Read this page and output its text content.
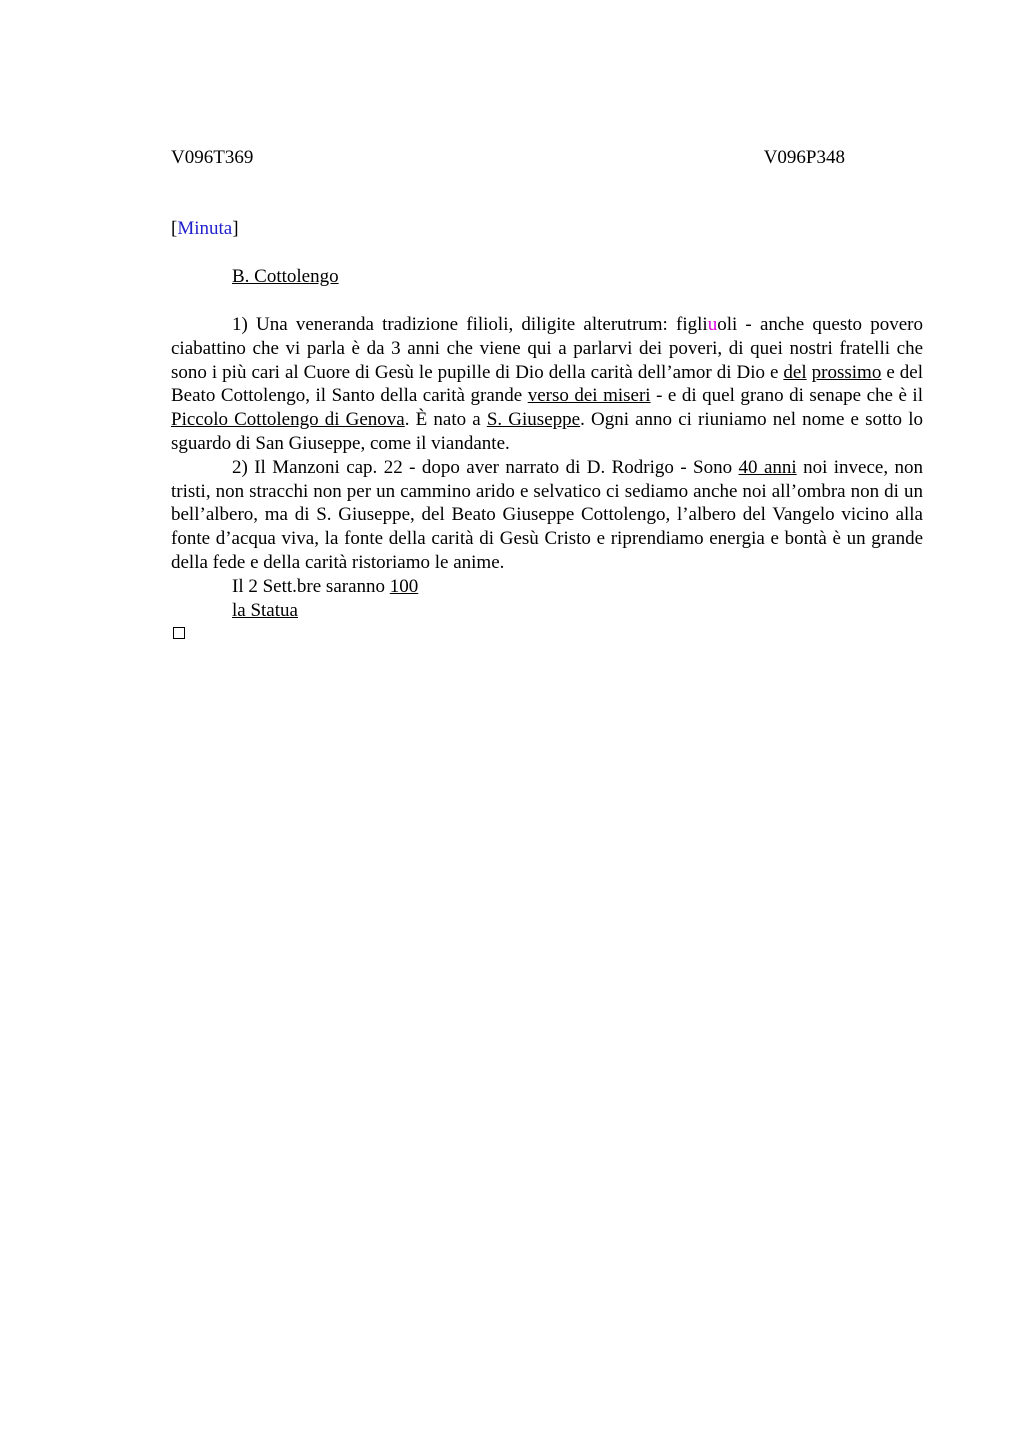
V096T369	V096P348
[Minuta]
B. Cottolengo

1) Una veneranda tradizione filioli, diligite alterutrum: figliuoli - anche questo povero ciabattino che vi parla è da 3 anni che viene qui a parlarvi dei poveri, di quei nostri fratelli che sono i più cari al Cuore di Gesù le pupille di Dio della carità dell’amor di Dio e del prossimo e del Beato Cottolengo, il Santo della carità grande verso dei miseri - e di quel grano di senape che è il Piccolo Cottolengo di Genova. È nato a S. Giuseppe. Ogni anno ci riuniamo nel nome e sotto lo sguardo di San Giuseppe, come il viandante.

2) Il Manzoni cap. 22 - dopo aver narrato di D. Rodrigo - Sono 40 anni noi invece, non tristi, non stracchi non per un cammino arido e selvatico ci sediamo anche noi all’ombra non di un bell’albero, ma di S. Giuseppe, del Beato Giuseppe Cottolengo, l’albero del Vangelo vicino alla fonte d’acqua viva, la fonte della carità di Gesù Cristo e riprendiamo energia e bontà è un grande della fede e della carità ristoriamo le anime.

Il 2 Sett.bre saranno 100
la Statua
